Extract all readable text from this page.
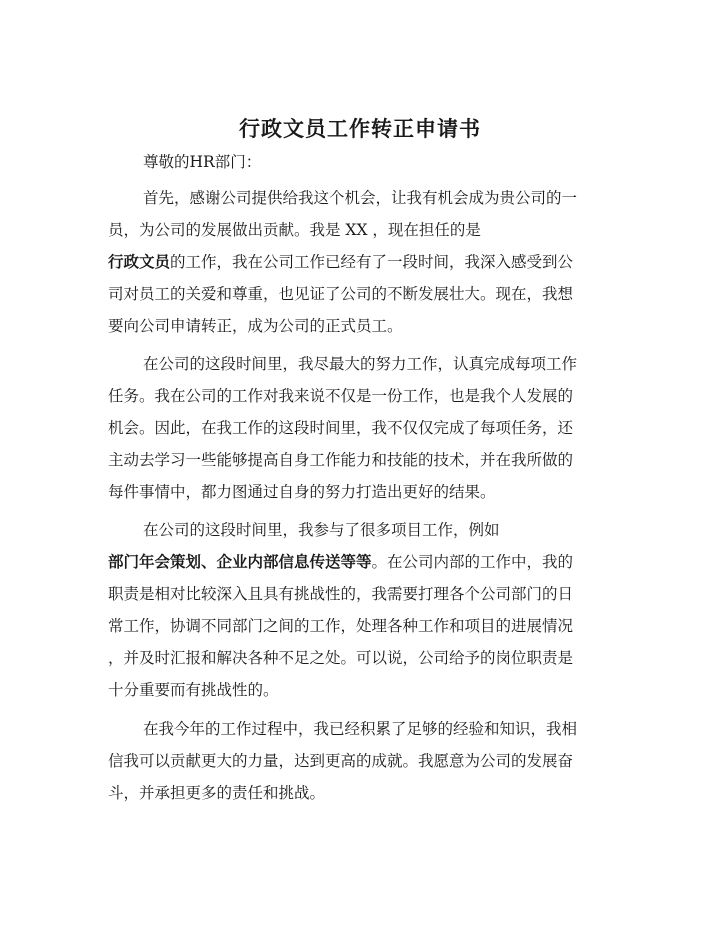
行政文员工作转正申请书
尊敬的HR部门：
首先，感谢公司提供给我这个机会，让我有机会成为贵公司的一
员，为公司的发展做出贡献。我是 XX ，现在担任的是
行政文员的工作，我在公司工作已经有了一段时间，我深入感受到公
司对员工的关爱和尊重，也见证了公司的不断发展壮大。现在，我想
要向公司申请转正，成为公司的正式员工。
在公司的这段时间里，我尽最大的努力工作，认真完成每项工作
任务。我在公司的工作对我来说不仅是一份工作，也是我个人发展的
机会。因此，在我工作的这段时间里，我不仅仅完成了每项任务，还
主动去学习一些能够提高自身工作能力和技能的技术，并在我所做的
每件事情中，都力图通过自身的努力打造出更好的结果。
在公司的这段时间里，我参与了很多项目工作，例如
部门年会策划、企业内部信息传送等等。在公司内部的工作中，我的
职责是相对比较深入且具有挑战性的，我需要打理各个公司部门的日
常工作，协调不同部门之间的工作，处理各种工作和项目的进展情况
，并及时汇报和解决各种不足之处。可以说，公司给予的岗位职责是
十分重要而有挑战性的。
在我今年的工作过程中，我已经积累了足够的经验和知识，我相
信我可以贡献更大的力量，达到更高的成就。我愿意为公司的发展奋
斗，并承担更多的责任和挑战。
